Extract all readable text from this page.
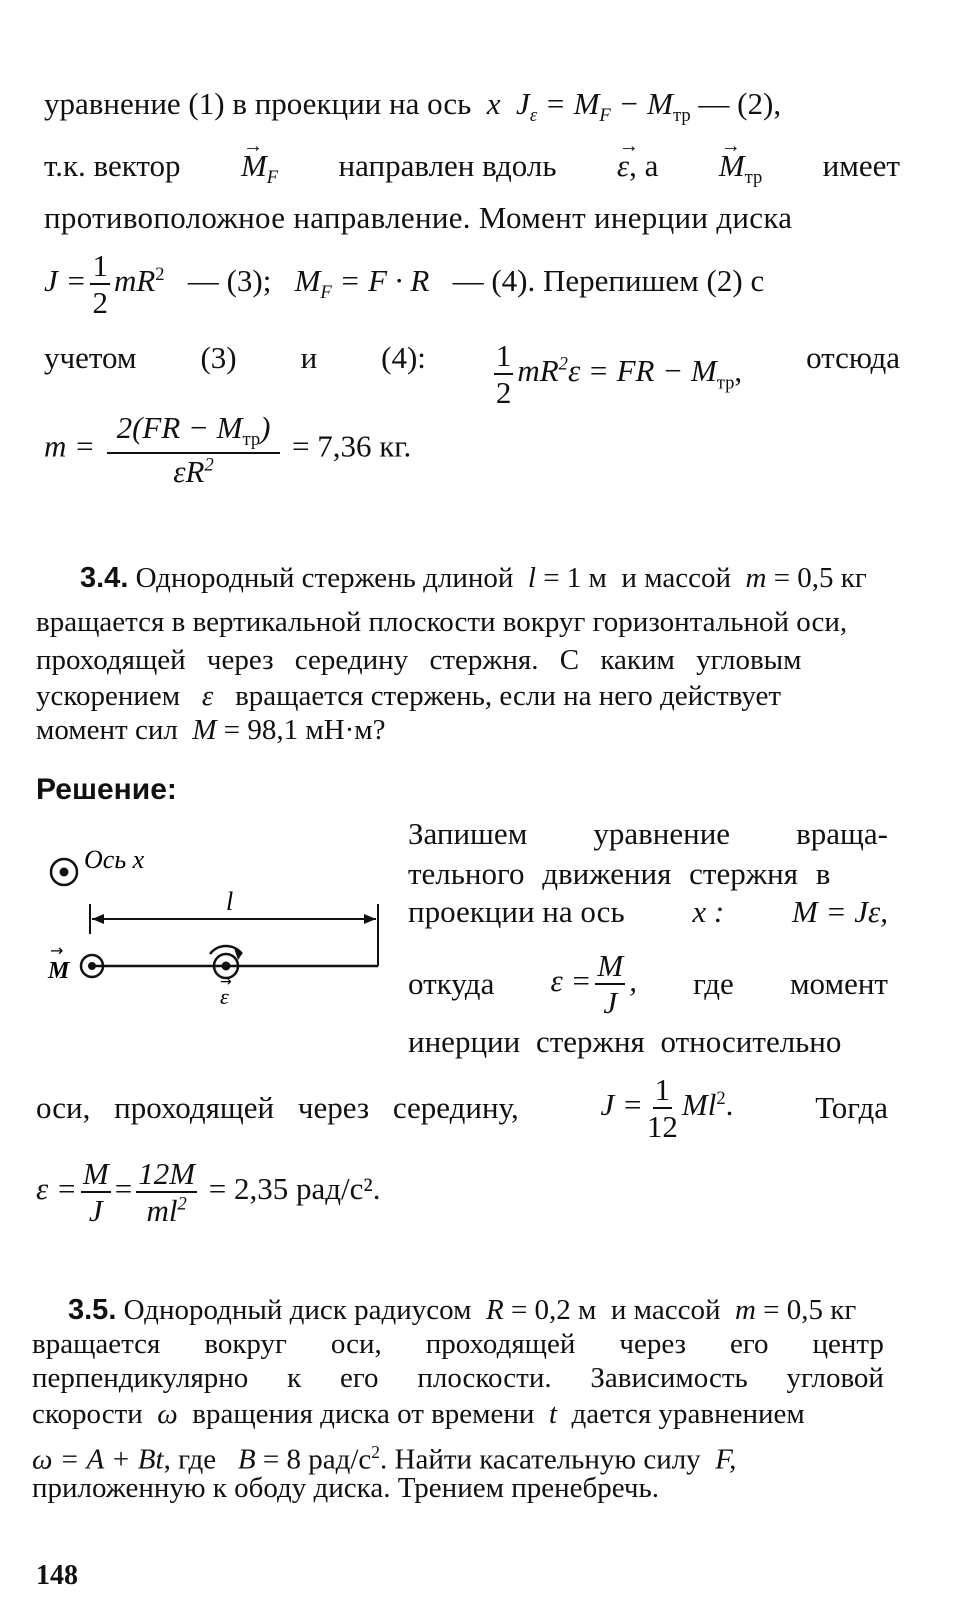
уравнение (1) в проекции на ось  x  $J_\varepsilon = M_F - M_{тр}$ — (2),
т.к. вектор
→ $M_F$ направлен вдоль
→ ε, а
→ $M_{тр}$ имеет
противоположное направление. Момент инерции диска
$J = \frac{1}{2} mR^2$ — (3); $M_F = F \cdot R$ — (4). Перепишем (2) с
учетом (3) и (4): $\frac{1}{2} mR^2\varepsilon$ = FR − $M_{тр}$, отсюда
$m = \frac{2(FR - M_{тр})}{\varepsilon R^2} = 7,36$ кг.
3.4. Однородный стержень длиной  l = 1 м  и массой  m = 0,5 кг
вращается в вертикальной плоскости вокруг горизонтальной оси,
проходящей через середину стержня. С каким угловым
ускорением   ε   вращается стержень, если на него действует
момент сил  M = 98,1 мН·м?
Решение:
Ось x
l
M
→
ε
→
Запишем уравнение враща-
тельного движения стержня в
проекции на ось x : M = Jε,
откуда $\varepsilon = \frac{M}{J}$ , где момент
инерции стержня относительно
оси, проходящей через середину,	$J = \frac{1}{12} Ml^2$.	Тогда
$\varepsilon = \frac{M}{J} = \frac{12M}{ml^2} = 2,35$ рад/с².
3.5. Однородный диск радиусом  R = 0,2 м  и массой  m = 0,5 кг
вращается вокруг оси, проходящей через его центр
перпендикулярно к его плоскости. Зависимость угловой
скорости  ω  вращения диска от времени  t  дается уравнением
ω = A + Bt, где B = 8 рад/$с^2$. Найти касательную силу  F,
приложенную к ободу диска. Трением пренебречь.
148
